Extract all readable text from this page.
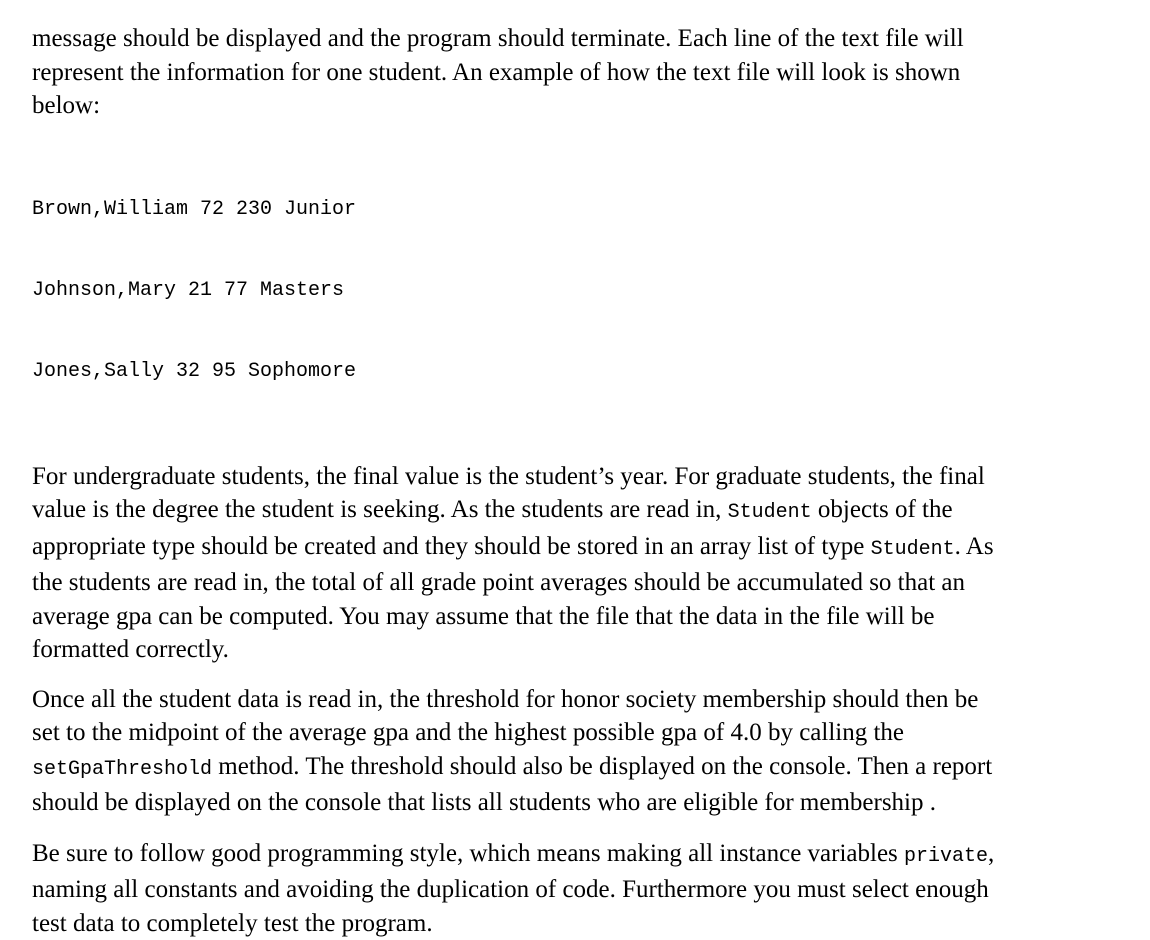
message should be displayed and the program should terminate. Each line of the text file will
represent the information for one student. An example of how the text file will look is shown
below:

Brown,William 72 230 Junior

Johnson,Mary 21 77 Masters

Jones,Sally 32 95 Sophomore

For undergraduate students, the final value is the student’s year. For graduate students, the final
value is the degree the student is seeking. As the students are read in, Student objects of the
appropriate type should be created and they should be stored in an array list of type Student. As
the students are read in, the total of all grade point averages should be accumulated so that an
average gpa can be computed. You may assume that the file that the data in the file will be
formatted correctly.

Once all the student data is read in, the threshold for honor society membership should then be
set to the midpoint of the average gpa and the highest possible gpa of 4.0 by calling the
setGpaThreshold method. The threshold should also be displayed on the console. Then a report
should be displayed on the console that lists all students who are eligible for membership .

Be sure to follow good programming style, which means making all instance variables private,
naming all constants and avoiding the duplication of code. Furthermore you must select enough
test data to completely test the program.
